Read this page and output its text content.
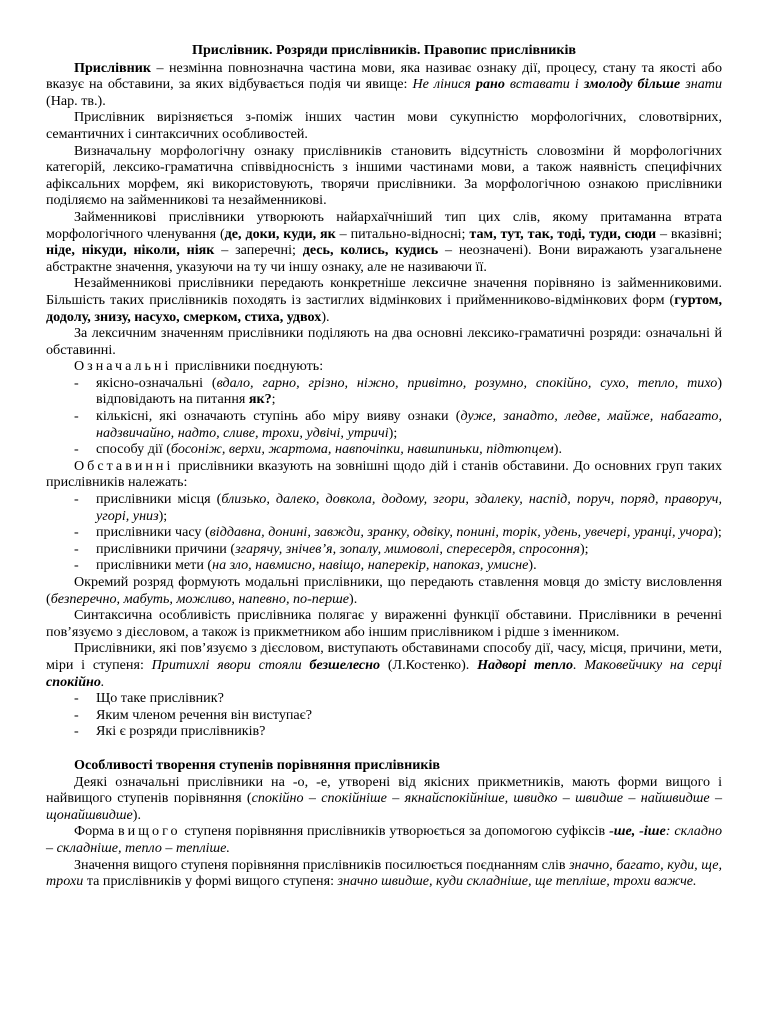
Прислівник. Розряди прислівників. Правопис прислівників

Прислівник – незмінна повнозначна частина мови, яка називає ознаку дії, процесу, стану та якості або вказує на обставини, за яких відбувається подія чи явище: Не лінися рано вставати і змолоду більше знати (Нар. тв.).

Прислівник вирізняється з-поміж інших частин мови сукупністю морфологічних, словотвірних, семантичних і синтаксичних особливостей.

Визначальну морфологічну ознаку прислівників становить відсутність словозміни й морфологічних категорій, лексико-граматична співвідносність з іншими частинами мови, а також наявність специфічних афіксальних морфем, які використовують, творячи прислівники. За морфологічною ознакою прислівники поділяємо на займенникові та незайменникові.

Займенникові прислівники утворюють найархаїчніший тип цих слів, якому притаманна втрата морфологічного членування (де, доки, куди, як – питально-відносні; там, тут, так, тоді, туди, сюди – вказівні; ніде, нікуди, ніколи, ніяк – заперечні; десь, колись, кудись – неозначені). Вони виражають узагальнене абстрактне значення, указуючи на ту чи іншу ознаку, але не називаючи її.

Незайменникові прислівники передають конкретніше лексичне значення порівняно із займенниковими. Більшість таких прислівників походять із застиглих відмінкових і прийменниково-відмінкових форм (гуртом, додолу, знизу, насухо, смерком, стиха, удвох).

За лексичним значенням прислівники поділяють на два основні лексико-граматичні розряди: означальні й обставинні.

Означальні прислівники поєднують:

- якісно-означальні (вдало, гарно, грізно, ніжно, привітно, розумно, спокійно, сухо, тепло, тихо) відповідають на питання як?;

- кількісні, які означають ступінь або міру вияву ознаки (дуже, занадто, ледве, майже, набагато, надзвичайно, надто, сливе, трохи, удвічі, утричі);

- способу дії (босоніж, верхи, жартома, навпочіпки, навшпиньки, підтюпцем).

Обставинні прислівники вказують на зовнішні щодо дій і станів обставини. До основних груп таких прислівників належать:

- прислівники місця (близько, далеко, довкола, додому, згори, здалеку, наспід, поруч, поряд, праворуч, угорі, униз);

- прислівники часу (віддавна, донині, завжди, зранку, одвіку, понині, торік, удень, увечері, уранці, учора);

- прислівники причини (згарячу, знічев’я, зопалу, мимоволі, спересердя, спросоння);

- прислівники мети (на зло, навмисно, навіщо, наперекір, напоказ, умисне).

Окремий розряд формують модальні прислівники, що передають ставлення мовця до змісту висловлення (безперечно, мабуть, можливо, напевно, по-перше).

Синтаксична особливість прислівника полягає у вираженні функції обставини. Прислівники в реченні пов’язуємо з дієсловом, а також із прикметником або іншим прислівником і рідше з іменником.

Прислівники, які пов’язуємо з дієсловом, виступають обставинами способу дії, часу, місця, причини, мети, міри і ступеня: Притихлі явори стояли безшелесно (Л.Костенко). Надворі тепло. Маковейчику на серці спокійно.

- Що таке прислівник?

- Яким членом речення він виступає?

- Які є розряди прислівників?

Особливості творення ступенів порівняння прислівників

Деякі означальні прислівники на -о, -е, утворені від якісних прикметників, мають форми вищого і найвищого ступенів порівняння (спокійно – спокійніше – якнайспокійніше, швидко – швидше – найшвидше – щонайшвидше).

Форма вищого ступеня порівняння прислівників утворюється за допомогою суфіксів -ше, -іше: складно – складніше, тепло – тепліше.

Значення вищого ступеня порівняння прислівників посилюється поєднанням слів значно, багато, куди, ще, трохи та прислівників у формі вищого ступеня: значно швидше, куди складніше, ще тепліше, трохи важче.
